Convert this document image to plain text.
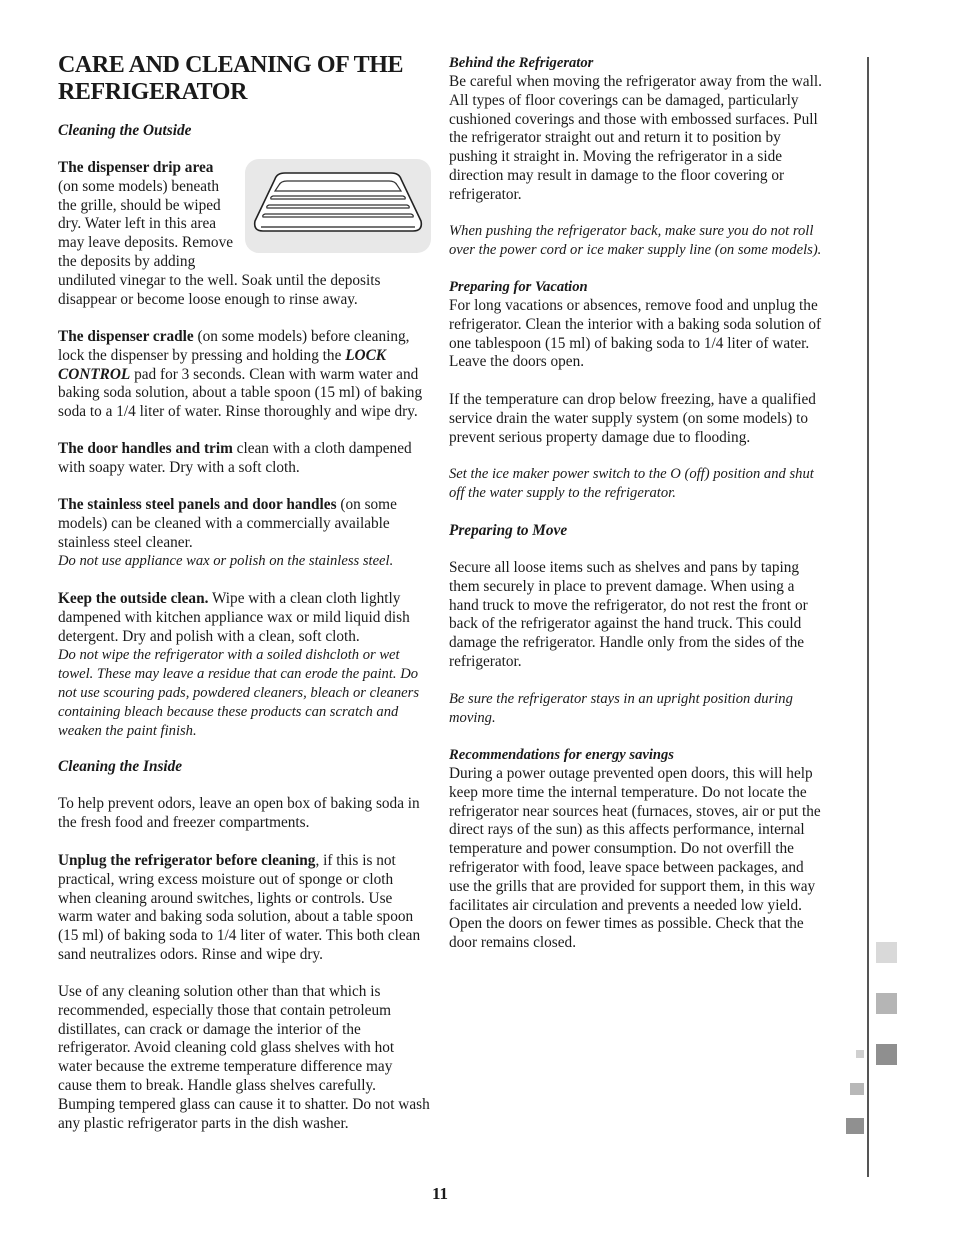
CARE AND CLEANING OF THE REFRIGERATOR

Cleaning the Outside

The dispenser drip area (on some models) beneath the grille, should be wiped dry. Water left in this area may leave deposits. Remove the deposits by adding undiluted vinegar to the well. Soak until the deposits disappear or become loose enough to rinse away.

The dispenser cradle (on some models) before cleaning, lock the dispenser by pressing and holding the LOCK CONTROL pad for 3 seconds. Clean with warm water and baking soda solution, about a table spoon (15 ml) of baking soda to a 1/4 liter of water. Rinse thoroughly and wipe dry.

The door handles and trim clean with a cloth dampened with soapy water. Dry with a soft cloth.

The stainless steel panels and door handles (on some models) can be cleaned with a commercially available stainless steel cleaner.
Do not use appliance wax or polish on the stainless steel.

Keep the outside clean. Wipe with a clean cloth lightly dampened with kitchen appliance wax or mild liquid dish detergent. Dry and polish with a clean, soft cloth.
Do not wipe the refrigerator with a soiled dishcloth or wet towel. These may leave a residue that can erode the paint. Do not use scouring pads, powdered cleaners, bleach or cleaners containing bleach because these products can scratch and weaken the paint finish.

Cleaning the Inside

To help prevent odors, leave an open box of baking soda in the fresh food and freezer compartments.

Unplug the refrigerator before cleaning, if this is not practical, wring excess moisture out of sponge or cloth when cleaning around switches, lights or controls. Use warm water and baking soda solution, about a table spoon (15 ml) of baking soda to 1/4 liter of water. This both clean sand neutralizes odors. Rinse and wipe dry.

Use of any cleaning solution other than that which is recommended, especially those that contain petroleum distillates, can crack or damage the interior of the refrigerator. Avoid cleaning cold glass shelves with hot water because the extreme temperature difference may cause them to break. Handle glass shelves carefully. Bumping tempered glass can cause it to shatter. Do not wash any plastic refrigerator parts in the dish washer.

Behind the Refrigerator
Be careful when moving the refrigerator away from the wall. All types of floor coverings can be damaged, particularly cushioned coverings and those with embossed surfaces. Pull the refrigerator straight out and return it to position by pushing it straight in. Moving the refrigerator in a side direction may result in damage to the floor covering or refrigerator.

When pushing the refrigerator back, make sure you do not roll over the power cord or ice maker supply line (on some models).

Preparing for Vacation
For long vacations or absences, remove food and unplug the refrigerator. Clean the interior with a baking soda solution of one tablespoon (15 ml) of baking soda to 1/4 liter of water. Leave the doors open.

If the temperature can drop below freezing, have a qualified service drain the water supply system (on some models) to prevent serious property damage due to flooding.

Set the ice maker power switch to the O (off) position and shut off the water supply to the refrigerator.

Preparing to Move

Secure all loose items such as shelves and pans by taping them securely in place to prevent damage. When using a hand truck to move the refrigerator, do not rest the front or back of the refrigerator against the hand truck. This could damage the refrigerator. Handle only from the sides of the refrigerator.

Be sure the refrigerator stays in an upright position during moving.

Recommendations for energy savings
During a power outage prevented open doors, this will help keep more time the internal temperature. Do not locate the refrigerator near sources heat (furnaces, stoves, air or put the direct rays of the sun) as this affects performance, internal temperature and power consumption. Do not overfill the refrigerator with food, leave space between packages, and use the grills that are provided for support them, in this way facilitates air circulation and prevents a needed low yield. Open the doors on fewer times as possible. Check that the door remains closed.

11
